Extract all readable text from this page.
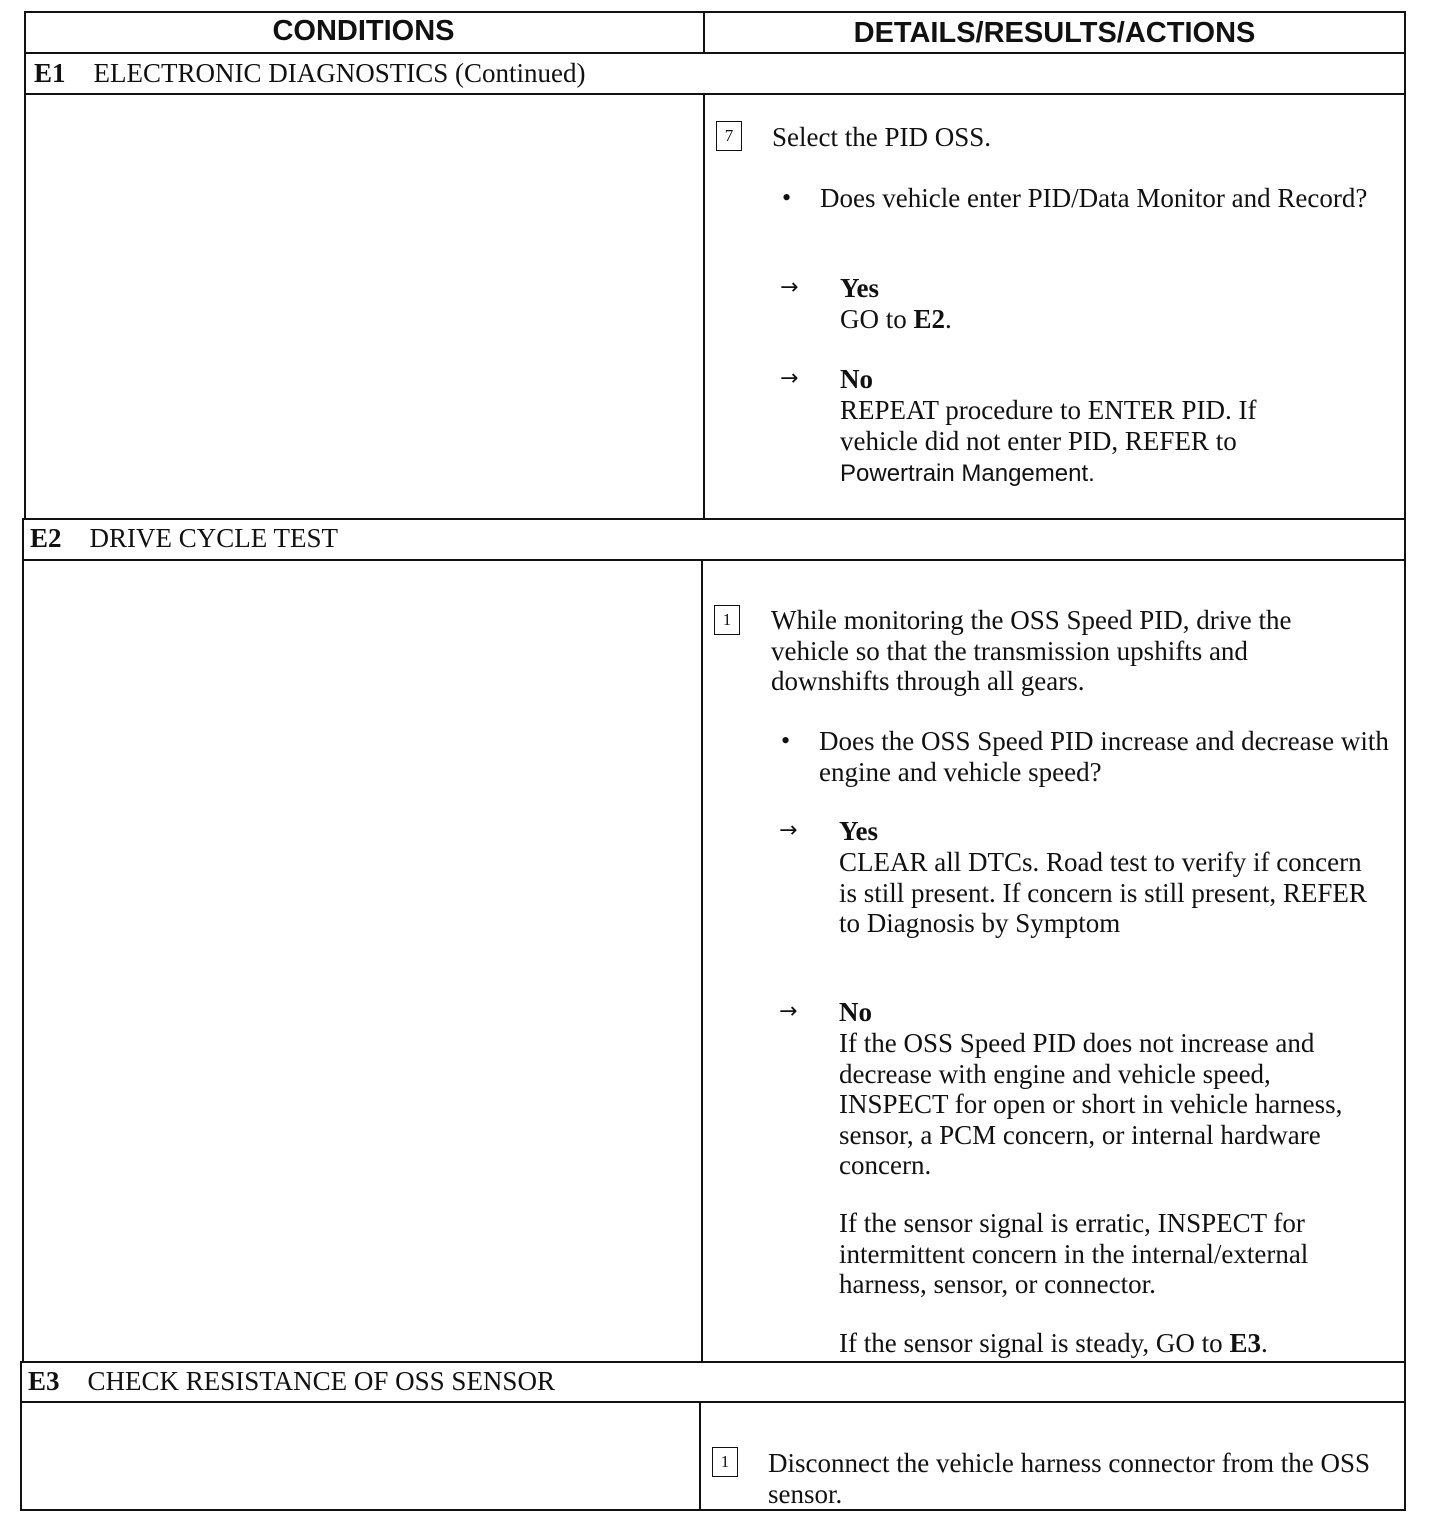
CONDITIONS	DETAILS/RESULTS/ACTIONS
E1 ELECTRONIC DIAGNOSTICS (Continued)
7	Select the PID OSS.
• Does vehicle enter PID/Data Monitor and Record?
→ Yes
GO to E2.
→ No
REPEAT procedure to ENTER PID. If vehicle did not enter PID, REFER to
Powertrain Mangement.
E2 DRIVE CYCLE TEST
1	While monitoring the OSS Speed PID, drive the vehicle so that the transmission upshifts and downshifts through all gears.
• Does the OSS Speed PID increase and decrease with engine and vehicle speed?
→ Yes
CLEAR all DTCs. Road test to verify if concern is still present. If concern is still present, REFER to Diagnosis by Symptom
→ No
If the OSS Speed PID does not increase and decrease with engine and vehicle speed, INSPECT for open or short in vehicle harness, sensor, a PCM concern, or internal hardware concern.
If the sensor signal is erratic, INSPECT for intermittent concern in the internal/external harness, sensor, or connector.
If the sensor signal is steady, GO to E3.
E3 CHECK RESISTANCE OF OSS SENSOR
1	Disconnect the vehicle harness connector from the OSS sensor.
